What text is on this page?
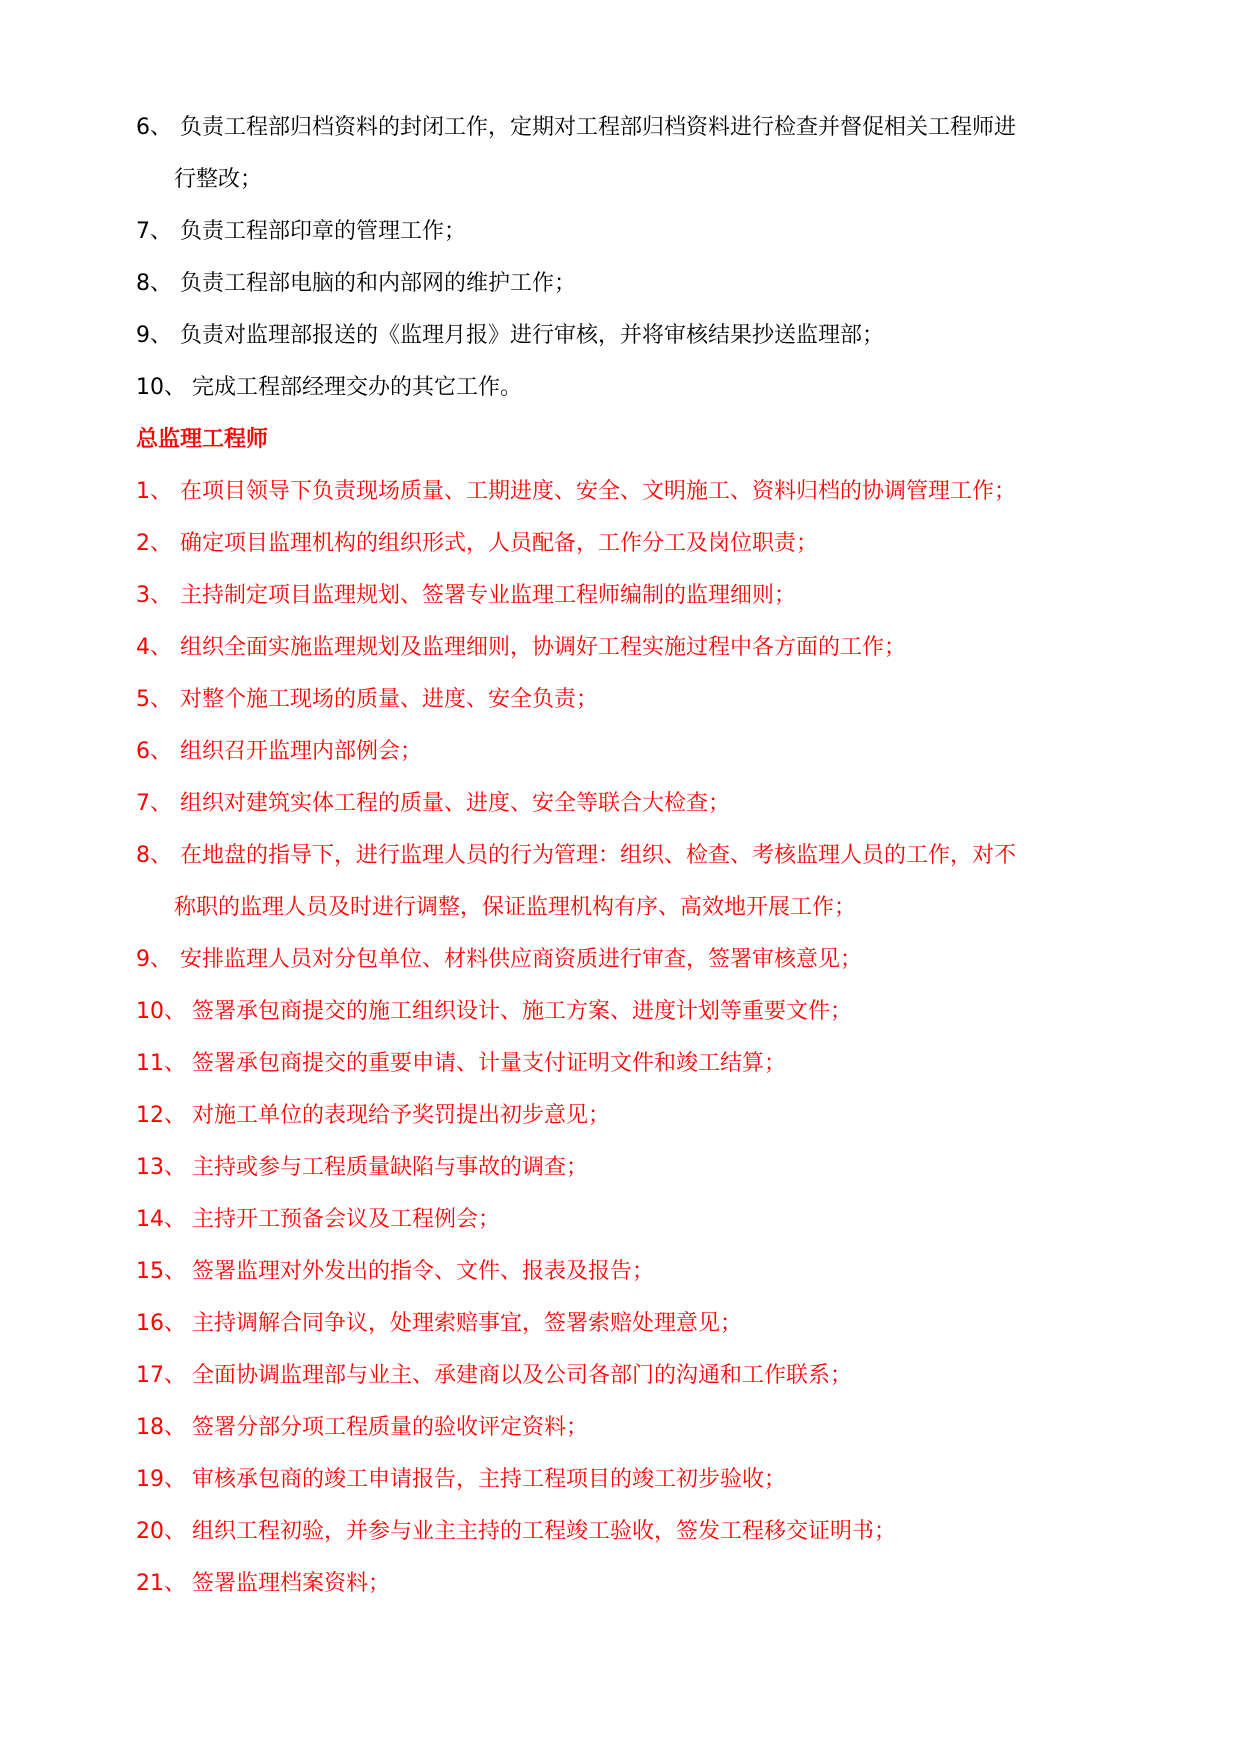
6、 负责工程部归档资料的封闭工作，定期对工程部归档资料进行检查并督促相关工程师进
行整改；
7、 负责工程部印章的管理工作；
8、 负责工程部电脑的和内部网的维护工作；
9、 负责对监理部报送的《监理月报》进行审核，并将审核结果抄送监理部；
10、 完成工程部经理交办的其它工作。
总监理工程师
1、 在项目领导下负责现场质量、工期进度、安全、文明施工、资料归档的协调管理工作；
2、 确定项目监理机构的组织形式，人员配备，工作分工及岗位职责；
3、 主持制定项目监理规划、签署专业监理工程师编制的监理细则；
4、 组织全面实施监理规划及监理细则，协调好工程实施过程中各方面的工作；
5、 对整个施工现场的质量、进度、安全负责；
6、 组织召开监理内部例会；
7、 组织对建筑实体工程的质量、进度、安全等联合大检查；
8、 在地盘的指导下，进行监理人员的行为管理：组织、检查、考核监理人员的工作，对不
称职的监理人员及时进行调整，保证监理机构有序、高效地开展工作；
9、 安排监理人员对分包单位、材料供应商资质进行审查，签署审核意见；
10、 签署承包商提交的施工组织设计、施工方案、进度计划等重要文件；
11、 签署承包商提交的重要申请、计量支付证明文件和竣工结算；
12、 对施工单位的表现给予奖罚提出初步意见；
13、 主持或参与工程质量缺陷与事故的调查；
14、 主持开工预备会议及工程例会；
15、 签署监理对外发出的指令、文件、报表及报告；
16、 主持调解合同争议，处理索赔事宜，签署索赔处理意见；
17、 全面协调监理部与业主、承建商以及公司各部门的沟通和工作联系；
18、 签署分部分项工程质量的验收评定资料；
19、 审核承包商的竣工申请报告，主持工程项目的竣工初步验收；
20、 组织工程初验，并参与业主主持的工程竣工验收，签发工程移交证明书；
21、 签署监理档案资料；
